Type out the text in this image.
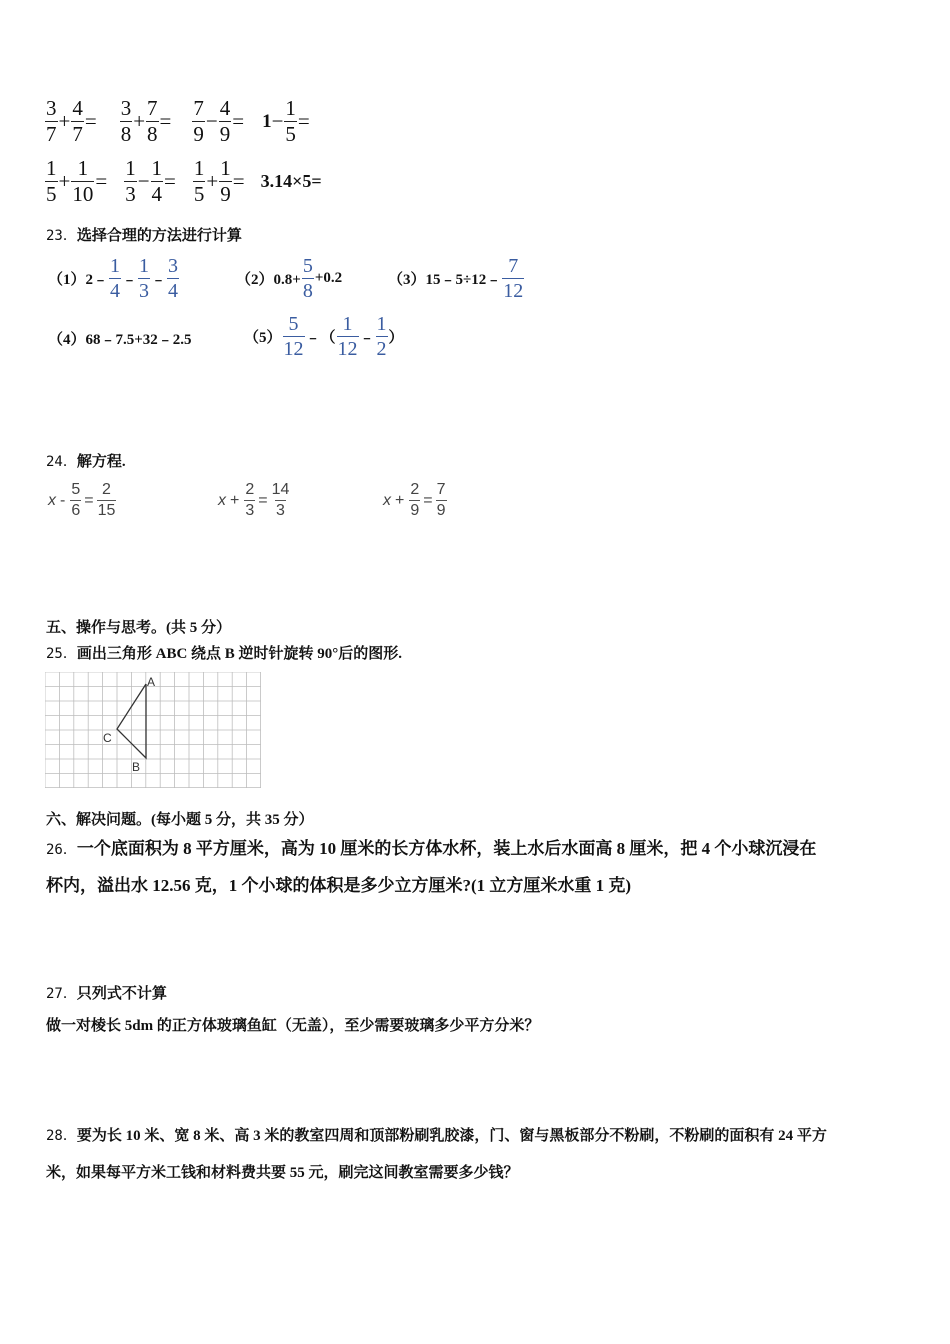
$\frac{3}{7} + \frac{4}{7} = \frac{3}{8} + \frac{7}{8} = \frac{7}{9} - \frac{4}{9} = 1 - \frac{1}{5}$ =
$\frac{1}{5} + \frac{1}{10} = \frac{1}{3} - \frac{1}{4} = \frac{1}{5} + \frac{1}{9} = 3.14\times 5=$
23．选择合理的方法进行计算
（1）2﹣ $\frac{1}{4}$ ﹣ $\frac{1}{3}$ ﹣ $\frac{3}{4}$	$(2)0.8+ \frac{5}{8} +0.2$	（3）15﹣5÷12﹣ $\frac{7}{12}$
（4）68﹣7.5+32﹣2.5	$(5) \frac{5}{12}$ ﹣（ $\frac{1}{12}$ ﹣ $\frac{1}{2}$ ）
24．解方程.
$x - \frac{5}{6} = \frac{2}{15}$	$x + \frac{2}{3} = \frac{14}{3}$	$x + \frac{2}{9} = \frac{7}{9}$
五、操作与思考。(共 5 分）
25．画出三角形 ABC 绕点 B 逆时针旋转 90°后的图形.
A
C
B
六、解决问题。(每小题 5 分，共 35 分）
26．一个底面积为 8 平方厘米，高为 10 厘米的长方体水杯，装上水后水面高 8 厘米，把 4 个小球沉浸在
杯内，溢出水 12.56 克，1 个小球的体积是多少立方厘米?(1 立方厘米水重 1 克)
27．只列式不计算
做一对棱长 5dm 的正方体玻璃鱼缸（无盖），至少需要玻璃多少平方分米？
28．要为长 10 米、宽 8 米、高 3 米的教室四周和顶部粉刷乳胶漆，门、窗与黑板部分不粉刷，不粉刷的面积有 24 平方
米，如果每平方米工钱和材料费共要 55 元，刷完这间教室需要多少钱？
